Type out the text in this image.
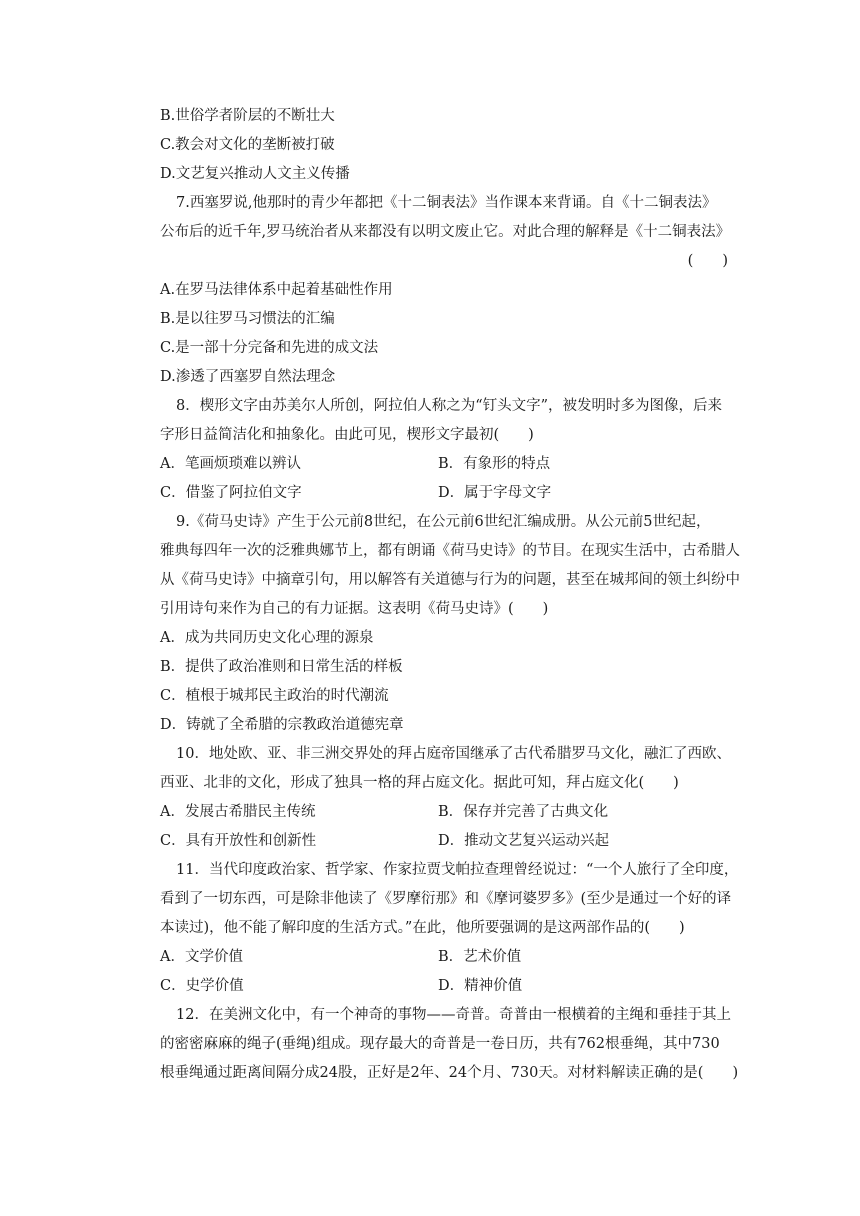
B.世俗学者阶层的不断壮大
C.教会对文化的垄断被打破
D.文艺复兴推动人文主义传播
7.西塞罗说,他那时的青少年都把《十二铜表法》当作课本来背诵。自《十二铜表法》
公布后的近千年,罗马统治者从来都没有以明文废止它。对此合理的解释是《十二铜表法》
(　　)
A.在罗马法律体系中起着基础性作用
B.是以往罗马习惯法的汇编
C.是一部十分完备和先进的成文法
D.渗透了西塞罗自然法理念
8．楔形文字由苏美尔人所创，阿拉伯人称之为“钉头文字”，被发明时多为图像，后来
字形日益简洁化和抽象化。由此可见，楔形文字最初(　　)
A．笔画烦琐难以辨认	B．有象形的特点
C．借鉴了阿拉伯文字	D．属于字母文字
9.《荷马史诗》产生于公元前8世纪，在公元前6世纪汇编成册。从公元前5世纪起，
雅典每四年一次的泛雅典娜节上，都有朗诵《荷马史诗》的节目。在现实生活中，古希腊人
从《荷马史诗》中摘章引句，用以解答有关道德与行为的问题，甚至在城邦间的领土纠纷中
引用诗句来作为自己的有力证据。这表明《荷马史诗》(　　)
A．成为共同历史文化心理的源泉
B．提供了政治准则和日常生活的样板
C．植根于城邦民主政治的时代潮流
D．铸就了全希腊的宗教政治道德宪章
10．地处欧、亚、非三洲交界处的拜占庭帝国继承了古代希腊罗马文化，融汇了西欧、
西亚、北非的文化，形成了独具一格的拜占庭文化。据此可知，拜占庭文化(　　)
A．发展古希腊民主传统	B．保存并完善了古典文化
C．具有开放性和创新性	D．推动文艺复兴运动兴起
11．当代印度政治家、哲学家、作家拉贾戈帕拉查理曾经说过：“一个人旅行了全印度，
看到了一切东西，可是除非他读了《罗摩衍那》和《摩诃婆罗多》(至少是通过一个好的译
本读过)，他不能了解印度的生活方式。”在此，他所要强调的是这两部作品的(　　)
A．文学价值	B．艺术价值
C．史学价值	D．精神价值
12．在美洲文化中，有一个神奇的事物——奇普。奇普由一根横着的主绳和垂挂于其上
的密密麻麻的绳子(垂绳)组成。现存最大的奇普是一卷日历，共有762根垂绳，其中730
根垂绳通过距离间隔分成24股，正好是2年、24个月、730天。对材料解读正确的是(　　)
